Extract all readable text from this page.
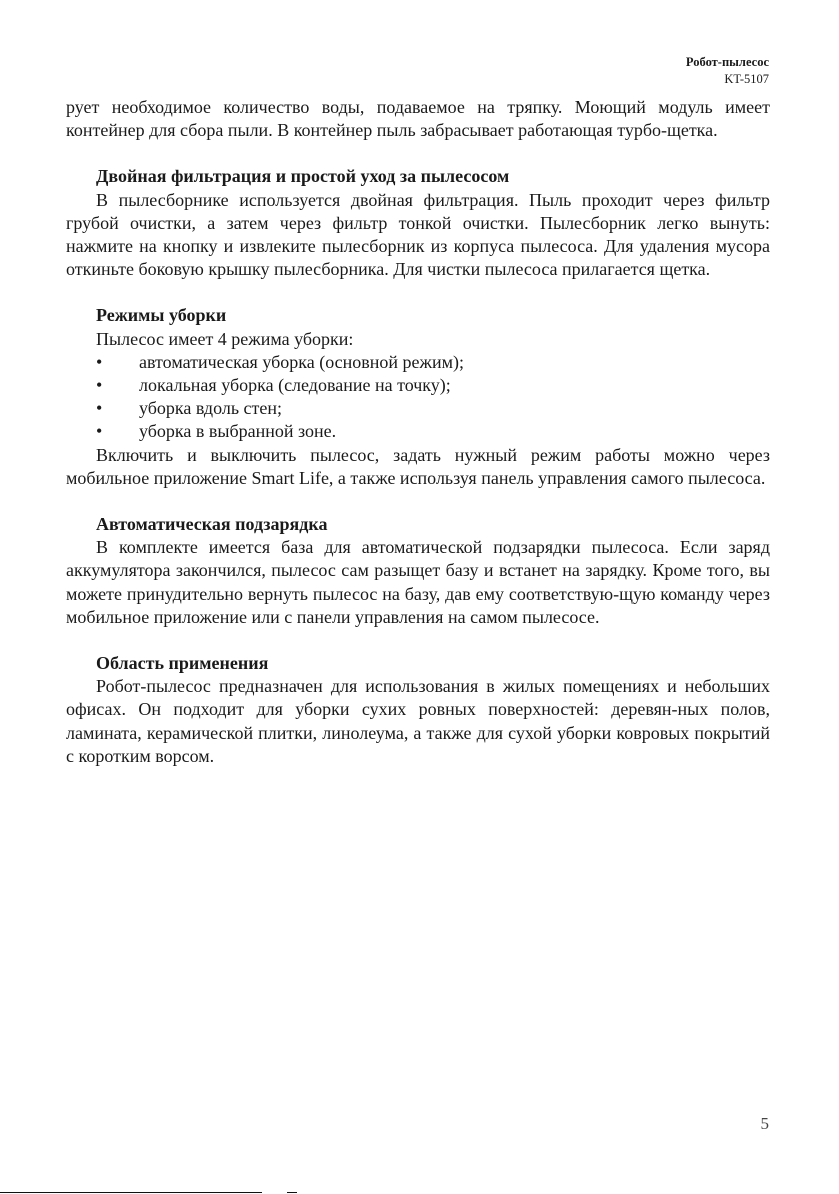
Робот-пылесос
KT-5107

рует необходимое количество воды, подаваемое на тряпку. Моющий модуль имеет контейнер для сбора пыли. В контейнер пыль забрасывает работающая турбо-щетка.

Двойная фильтрация и простой уход за пылесосом

В пылесборнике используется двойная фильтрация. Пыль проходит через фильтр грубой очистки, а затем через фильтр тонкой очистки. Пылесборник легко вынуть: нажмите на кнопку и извлеките пылесборник из корпуса пылесоса. Для удаления мусора откиньте боковую крышку пылесборника. Для чистки пылесоса прилагается щетка.

Режимы уборки

Пылесос имеет 4 режима уборки:

• автоматическая уборка (основной режим);
• локальная уборка (следование на точку);
• уборка вдоль стен;
• уборка в выбранной зоне.

Включить и выключить пылесос, задать нужный режим работы можно через мобильное приложение Smart Life, а также используя панель управления самого пылесоса.

Автоматическая подзарядка

В комплекте имеется база для автоматической подзарядки пылесоса. Если заряд аккумулятора закончился, пылесос сам разыщет базу и встанет на зарядку. Кроме того, вы можете принудительно вернуть пылесос на базу, дав ему соответствую-щую команду через мобильное приложение или с панели управления на самом пылесосе.

Область применения

Робот-пылесос предназначен для использования в жилых помещениях и небольших офисах. Он подходит для уборки сухих ровных поверхностей: деревян-ных полов, ламината, керамической плитки, линолеума, а также для сухой уборки ковровых покрытий с коротким ворсом.

5
